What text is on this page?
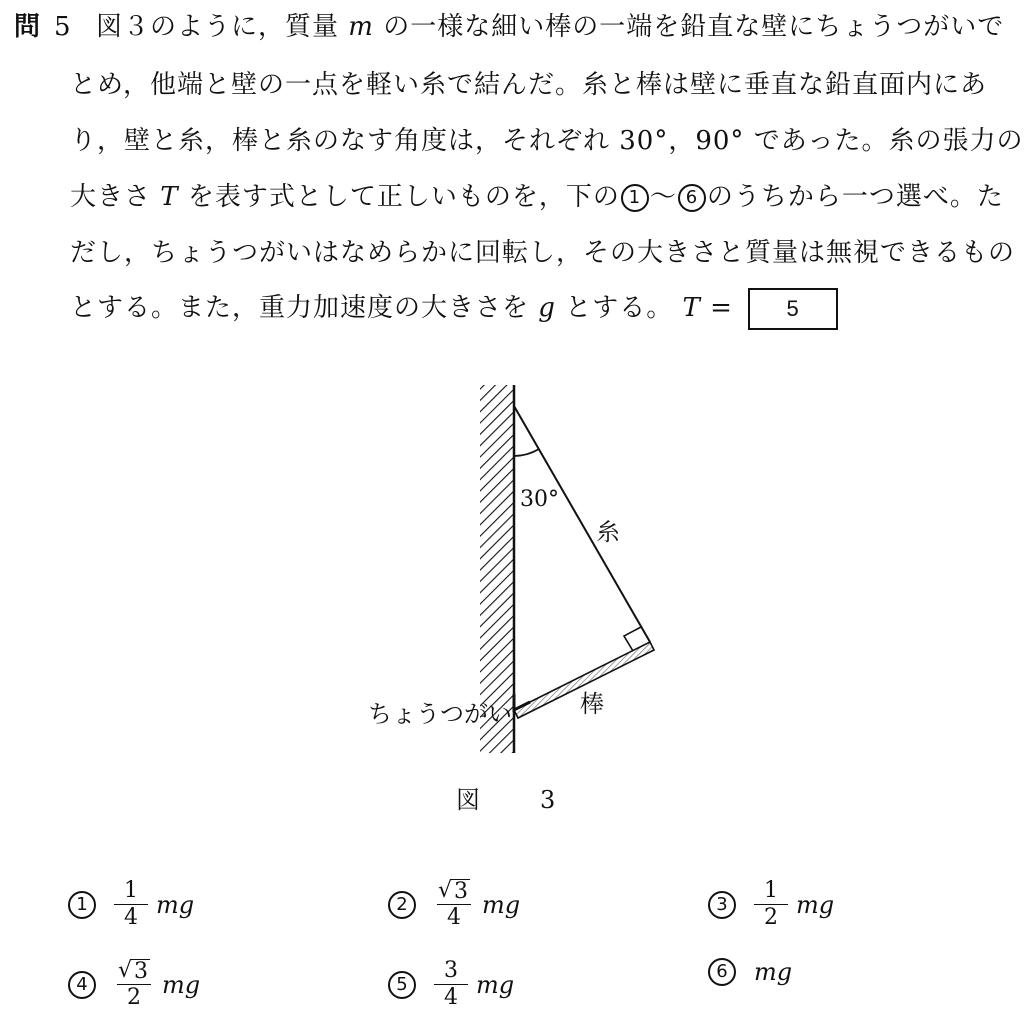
問 5 図３のように，質量 m の一様な細い棒の一端を鉛直な壁にちょうつがいで
とめ，他端と壁の一点を軽い糸で結んだ。糸と棒は壁に垂直な鉛直面内にあ
り，壁と糸，棒と糸のなす角度は，それぞれ 30°，90° であった。糸の張力の
大きさ T を表す式として正しいものを，下の 1 〜 6 のうちから一つ選べ。た
だし，ちょうつがいはなめらかに回転し，その大きさと質量は無視できるもの
とする。また，重力加速度の大きさを g とする。 T = 5
30°
糸
棒
ちょうつがい
図　3
1	$\frac{1}{4}$ mg	2	$\frac{√ 3}{4}$ mg	3	$\frac{1}{2}$ mg
4	$\frac{√ 3}{2}$ mg	5	$\frac{3}{4}$ mg	6	mg
